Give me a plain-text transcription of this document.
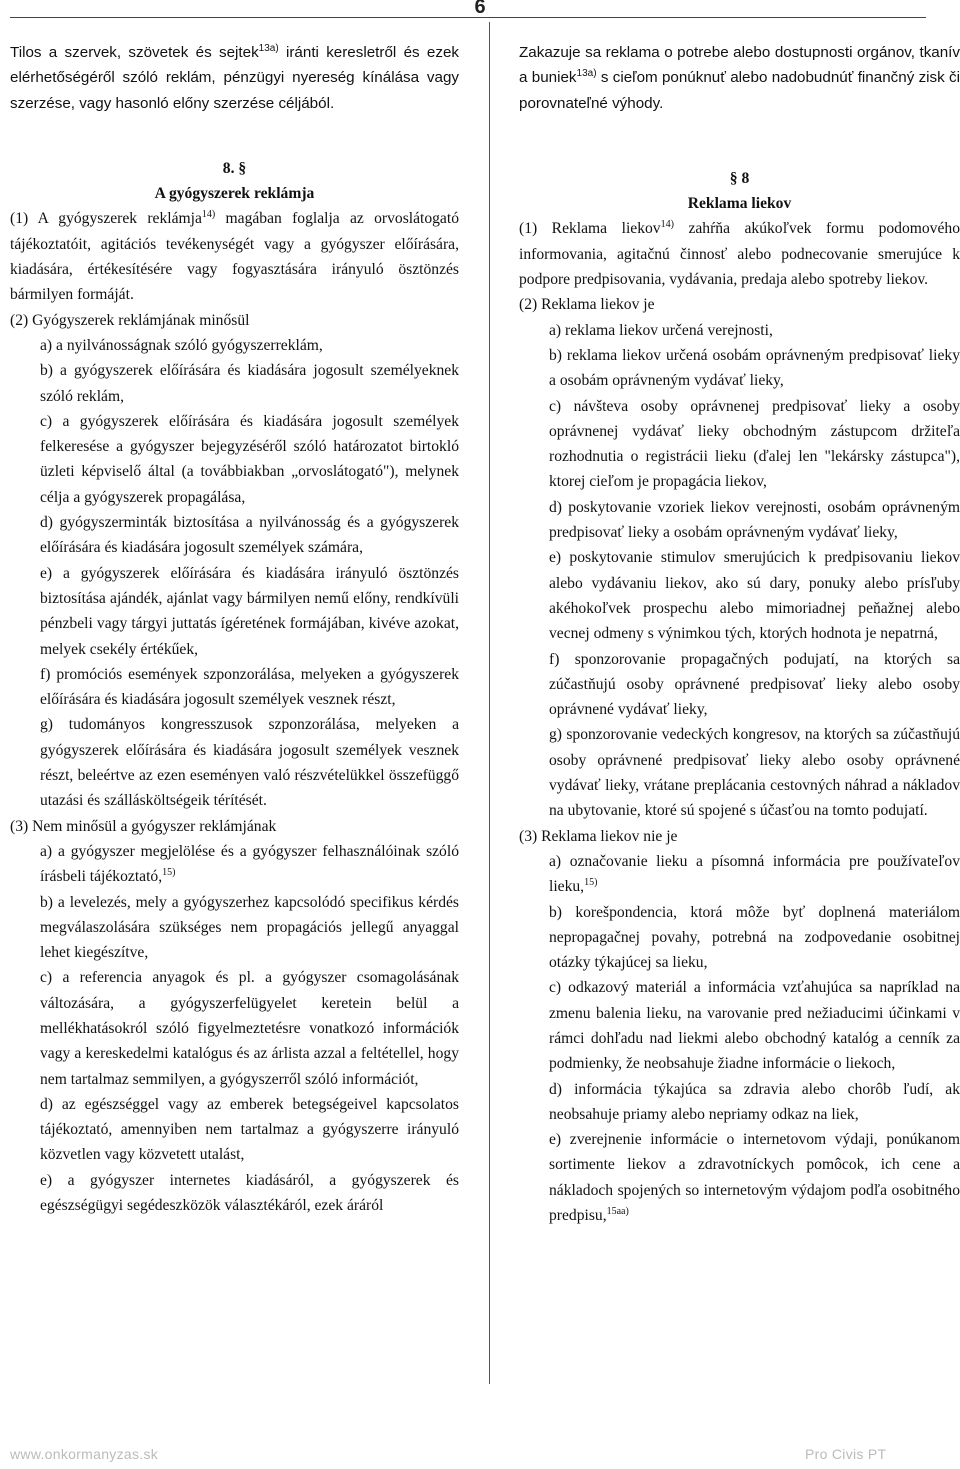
6

Tilos a szervek, szövetek és sejtek$^{13a)}$ iránti keresletről és ezek elérhetőségéről szóló reklám, pénzügyi nyereség kínálása vagy szerzése, vagy hasonló előny szerzése céljából.

8. §

A gyógyszerek reklámja

(1) A gyógyszerek reklámja$^{14)}$ magában foglalja az orvoslátogató tájékoztatóit, agitációs tevékenységét vagy a gyógyszer előírására, kiadására, értékesítésére vagy fogyasztására irányuló ösztönzés bármilyen formáját.

(2) Gyógyszerek reklámjának minősül

a) a nyilvánosságnak szóló gyógyszerreklám,

b) a gyógyszerek előírására és kiadására jogosult személyeknek szóló reklám,

c) a gyógyszerek előírására és kiadására jogosult személyek felkeresése a gyógyszer bejegyzéséről szóló határozatot birtokló üzleti képviselő által (a továbbiakban „orvoslátogató"), melynek célja a gyógyszerek propagálása,

d) gyógyszerminták biztosítása a nyilvánosság és a gyógyszerek előírására és kiadására jogosult személyek számára,

e) a gyógyszerek előírására és kiadására irányuló ösztönzés biztosítása ajándék, ajánlat vagy bármilyen nemű előny, rendkívüli pénzbeli vagy tárgyi juttatás ígéretének formájában, kivéve azokat, melyek csekély értékűek,

f) promóciós események szponzorálása, melyeken a gyógyszerek előírására és kiadására jogosult személyek vesznek részt,

g) tudományos kongresszusok szponzorálása, melyeken a gyógyszerek előírására és kiadására jogosult személyek vesznek részt, beleértve az ezen eseményen való részvételükkel összefüggő utazási és szállásköltségeik térítését.

(3) Nem minősül a gyógyszer reklámjának

a) a gyógyszer megjelölése és a gyógyszer felhasználóinak szóló írásbeli tájékoztató,$^{15)}$

b) a levelezés, mely a gyógyszerhez kapcsolódó specifikus kérdés megválaszolására szükséges nem propagációs jellegű anyaggal lehet kiegészítve,

c) a referencia anyagok és pl. a gyógyszer csomagolásának változására, a gyógyszerfelügyelet keretein belül a mellékhatásokról szóló figyelmeztetésre vonatkozó információk vagy a kereskedelmi katalógus és az árlista azzal a feltétellel, hogy nem tartalmaz semmilyen, a gyógyszerről szóló információt,

d) az egészséggel vagy az emberek betegségeivel kapcsolatos tájékoztató, amennyiben nem tartalmaz a gyógyszerre irányuló közvetlen vagy közvetett utalást,

e) a gyógyszer internetes kiadásáról, a gyógyszerek és egészségügyi segédeszközök választékáról, ezek áráról

Zakazuje sa reklama o potrebe alebo dostupnosti orgánov, tkanív a buniek$^{13a)}$ s cieľom ponúknuť alebo nadobudnúť finančný zisk či porovnateľné výhody.

§ 8

Reklama liekov

(1) Reklama liekov$^{14)}$ zahŕňa akúkoľvek formu podomového informovania, agitačnú činnosť alebo podnecovanie smerujúce k podpore predpisovania, vydávania, predaja alebo spotreby liekov.

(2) Reklama liekov je

a) reklama liekov určená verejnosti,

b) reklama liekov určená osobám oprávneným predpisovať lieky a osobám oprávneným vydávať lieky,

c) návšteva osoby oprávnenej predpisovať lieky a osoby oprávnenej vydávať lieky obchodným zástupcom držiteľa rozhodnutia o registrácii lieku (ďalej len "lekársky zástupca"), ktorej cieľom je propagácia liekov,

d) poskytovanie vzoriek liekov verejnosti, osobám oprávneným predpisovať lieky a osobám oprávneným vydávať lieky,

e) poskytovanie stimulov smerujúcich k predpisovaniu liekov alebo vydávaniu liekov, ako sú dary, ponuky alebo prísľuby akéhokoľvek prospechu alebo mimoriadnej peňažnej alebo vecnej odmeny s výnimkou tých, ktorých hodnota je nepatrná,

f) sponzorovanie propagačných podujatí, na ktorých sa zúčastňujú osoby oprávnené predpisovať lieky alebo osoby oprávnené vydávať lieky,

g) sponzorovanie vedeckých kongresov, na ktorých sa zúčastňujú osoby oprávnené predpisovať lieky alebo osoby oprávnené vydávať lieky, vrátane preplácania cestovných náhrad a nákladov na ubytovanie, ktoré sú spojené s účasťou na tomto podujatí.

(3) Reklama liekov nie je

a) označovanie lieku a písomná informácia pre používateľov lieku,$^{15)}$

b) korešpondencia, ktorá môže byť doplnená materiálom nepropagačnej povahy, potrebná na zodpovedanie osobitnej otázky týkajúcej sa lieku,

c) odkazový materiál a informácia vzťahujúca sa napríklad na zmenu balenia lieku, na varovanie pred nežiaducimi účinkami v rámci dohľadu nad liekmi alebo obchodný katalóg a cenník za podmienky, že neobsahuje žiadne informácie o liekoch,

d) informácia týkajúca sa zdravia alebo chorôb ľudí, ak neobsahuje priamy alebo nepriamy odkaz na liek,

e) zverejnenie informácie o internetovom výdaji, ponúkanom sortimente liekov a zdravotníckych pomôcok, ich cene a nákladoch spojených so internetovým výdajom podľa osobitného predpisu,$^{15aa)}$

www.onkormanyzas.sk	Pro Civis PT
